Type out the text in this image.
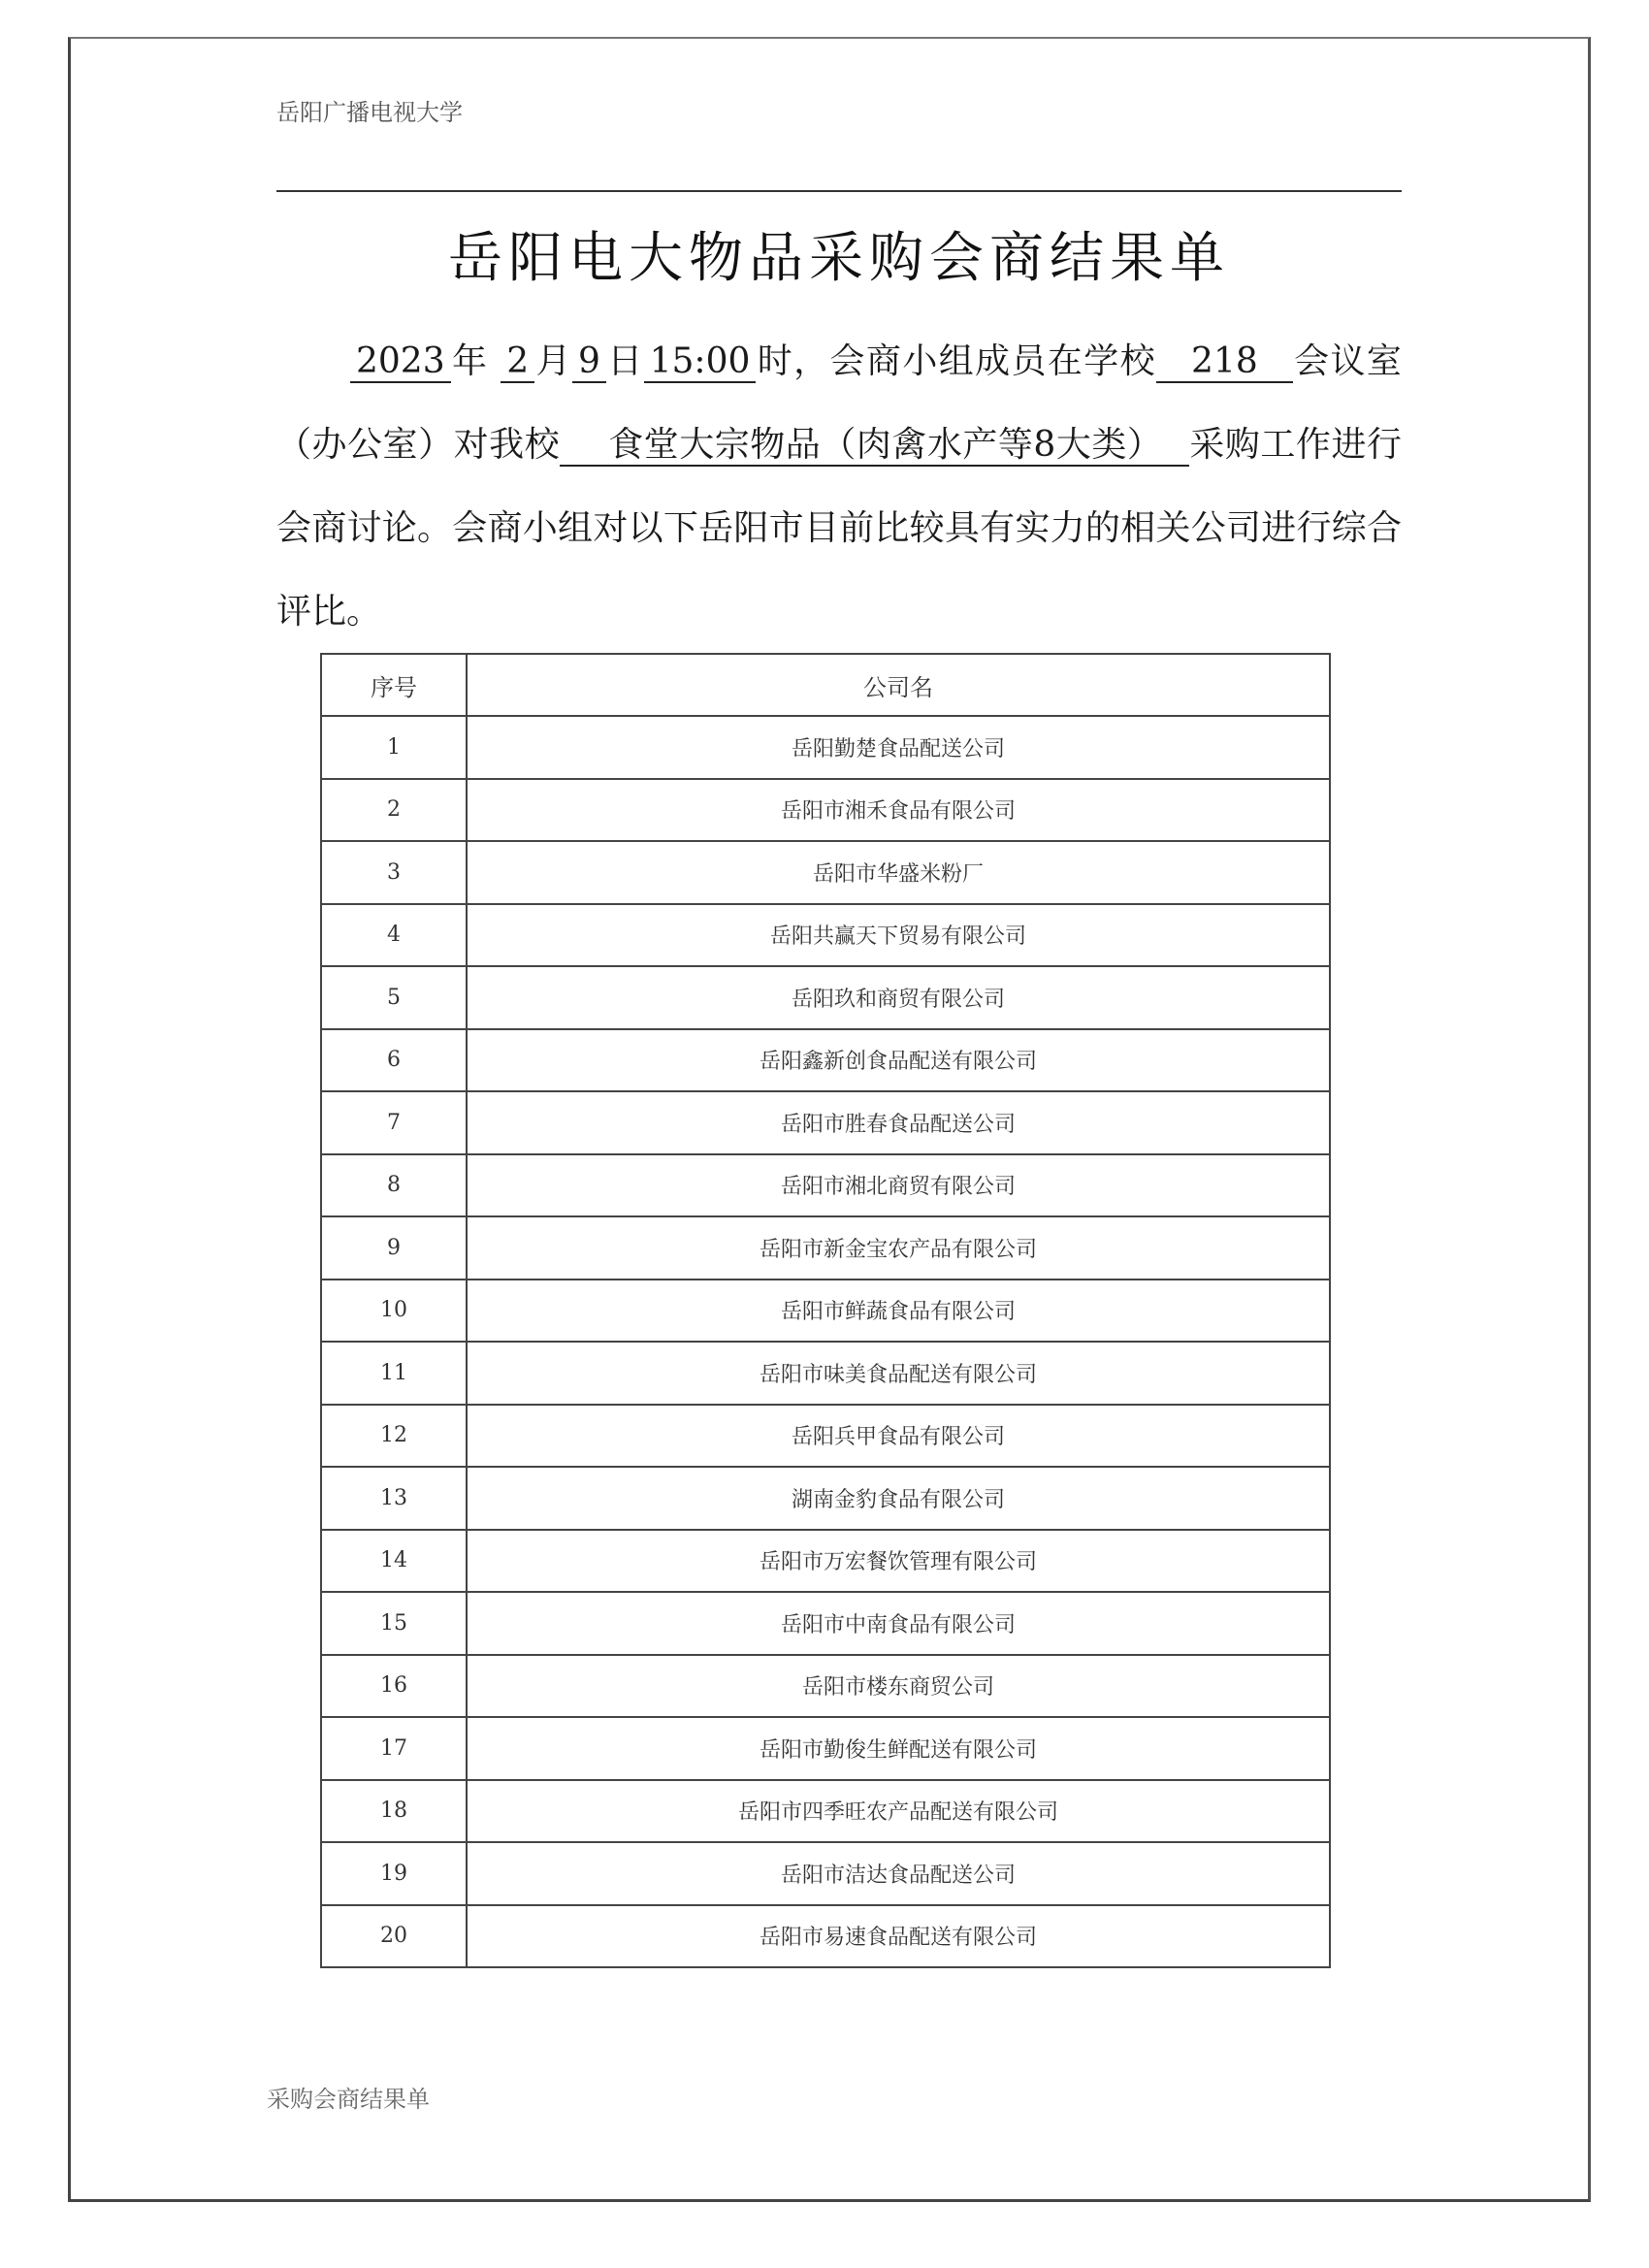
岳阳广播电视大学
岳阳电大物品采购会商结果单
2023 年 2 月 9 日 15:00 时，会商小组成员在学校 218 会议室（办公室）对我校 食堂大宗物品（肉禽水产等8大类） 采购工作进行会商讨论。会商小组对以下岳阳市目前比较具有实力的相关公司进行综合评比。
序号	公司名
1	岳阳勤楚食品配送公司
2	岳阳市湘禾食品有限公司
3	岳阳市华盛米粉厂
4	岳阳共赢天下贸易有限公司
5	岳阳玖和商贸有限公司
6	岳阳鑫新创食品配送有限公司
7	岳阳市胜春食品配送公司
8	岳阳市湘北商贸有限公司
9	岳阳市新金宝农产品有限公司
10	岳阳市鲜蔬食品有限公司
11	岳阳市味美食品配送有限公司
12	岳阳兵甲食品有限公司
13	湖南金豹食品有限公司
14	岳阳市万宏餐饮管理有限公司
15	岳阳市中南食品有限公司
16	岳阳市楼东商贸公司
17	岳阳市勤俊生鲜配送有限公司
18	岳阳市四季旺农产品配送有限公司
19	岳阳市洁达食品配送公司
20	岳阳市易速食品配送有限公司
采购会商结果单
